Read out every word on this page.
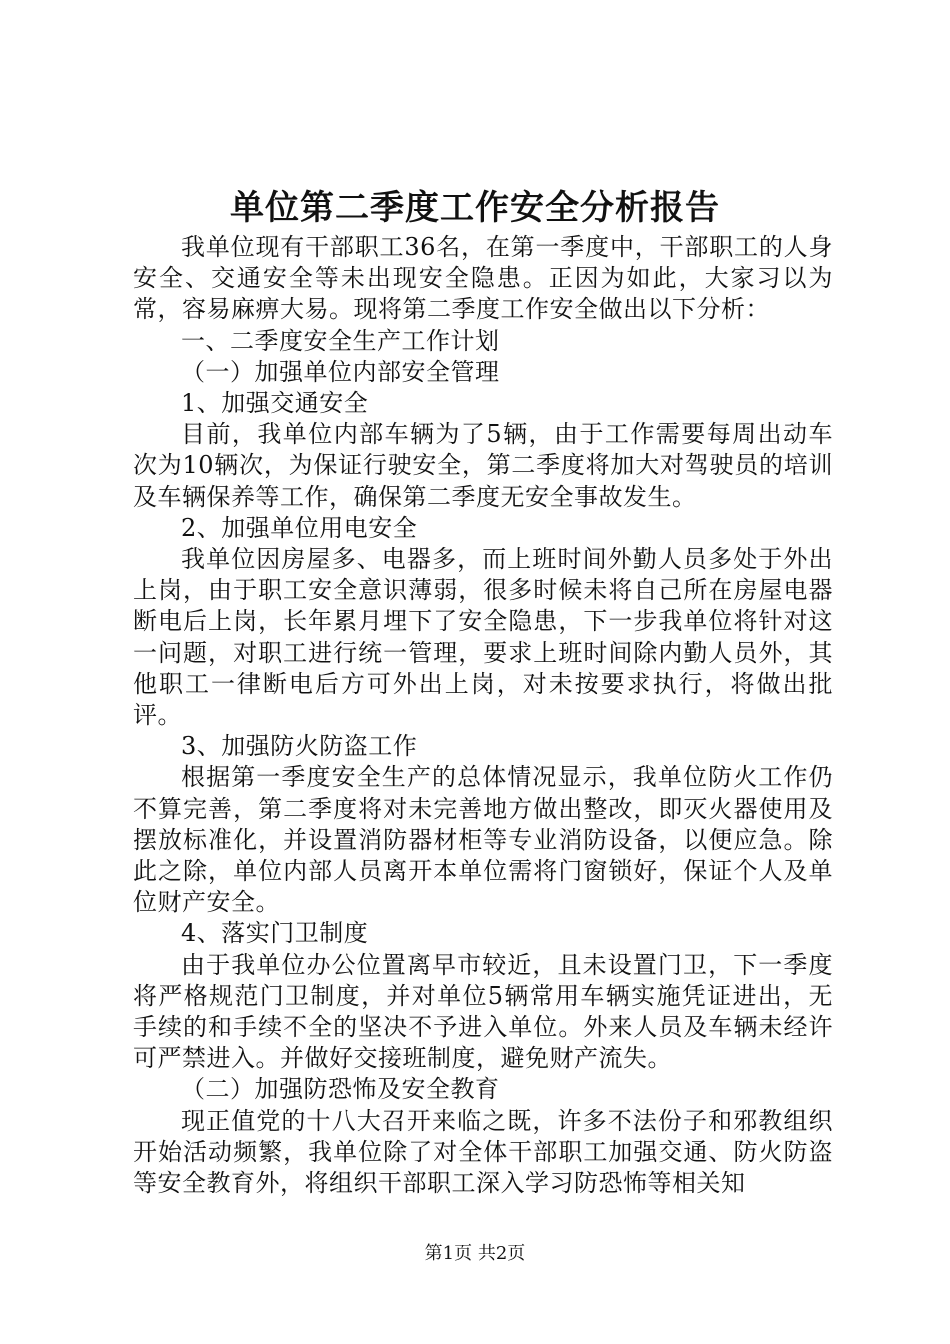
单位第二季度工作安全分析报告

我单位现有干部职工36名，在第一季度中，干部职工的人身安全、交通安全等未出现安全隐患。正因为如此，大家习以为常，容易麻痹大易。现将第二季度工作安全做出以下分析：

一、二季度安全生产工作计划

（一）加强单位内部安全管理

1、加强交通安全

目前，我单位内部车辆为了5辆，由于工作需要每周出动车次为10辆次，为保证行驶安全，第二季度将加大对驾驶员的培训及车辆保养等工作，确保第二季度无安全事故发生。

2、加强单位用电安全

我单位因房屋多、电器多，而上班时间外勤人员多处于外出上岗，由于职工安全意识薄弱，很多时候未将自己所在房屋电器断电后上岗，长年累月埋下了安全隐患，下一步我单位将针对这一问题，对职工进行统一管理，要求上班时间除内勤人员外，其他职工一律断电后方可外出上岗，对未按要求执行，将做出批评。

3、加强防火防盗工作

根据第一季度安全生产的总体情况显示，我单位防火工作仍不算完善，第二季度将对未完善地方做出整改，即灭火器使用及摆放标准化，并设置消防器材柜等专业消防设备，以便应急。除此之除，单位内部人员离开本单位需将门窗锁好，保证个人及单位财产安全。

4、落实门卫制度

由于我单位办公位置离早市较近，且未设置门卫，下一季度将严格规范门卫制度，并对单位5辆常用车辆实施凭证进出，无手续的和手续不全的坚决不予进入单位。外来人员及车辆未经许可严禁进入。并做好交接班制度，避免财产流失。

（二）加强防恐怖及安全教育

现正值党的十八大召开来临之既，许多不法份子和邪教组织开始活动频繁，我单位除了对全体干部职工加强交通、防火防盗等安全教育外，将组织干部职工深入学习防恐怖等相关知

第1页 共2页
